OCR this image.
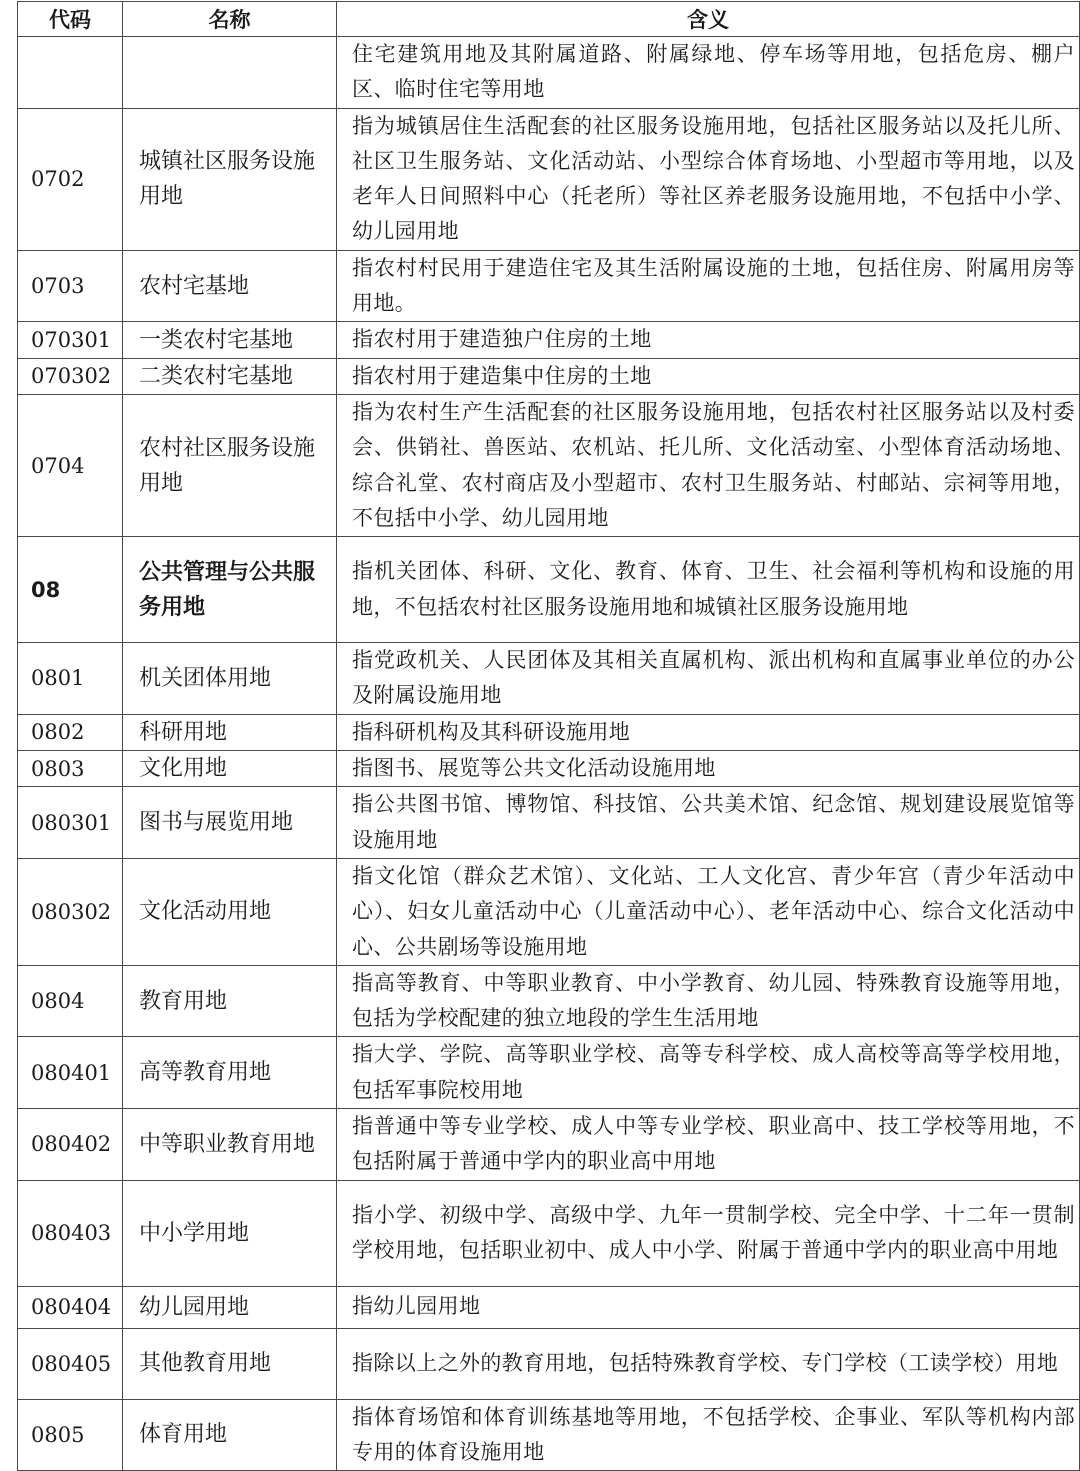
代码	名称	含义
		住宅建筑用地及其附属道路、附属绿地、停车场等用地，包括危房、棚户区、临时住宅等用地
0702	城镇社区服务设施用地	指为城镇居住生活配套的社区服务设施用地，包括社区服务站以及托儿所、社区卫生服务站、文化活动站、小型综合体育场地、小型超市等用地，以及老年人日间照料中心（托老所）等社区养老服务设施用地，不包括中小学、幼儿园用地
0703	农村宅基地	指农村村民用于建造住宅及其生活附属设施的土地，包括住房、附属用房等用地。
070301	一类农村宅基地	指农村用于建造独户住房的土地
070302	二类农村宅基地	指农村用于建造集中住房的土地
0704	农村社区服务设施用地	指为农村生产生活配套的社区服务设施用地，包括农村社区服务站以及村委会、供销社、兽医站、农机站、托儿所、文化活动室、小型体育活动场地、综合礼堂、农村商店及小型超市、农村卫生服务站、村邮站、宗祠等用地，不包括中小学、幼儿园用地
08	公共管理与公共服务用地	指机关团体、科研、文化、教育、体育、卫生、社会福利等机构和设施的用地，不包括农村社区服务设施用地和城镇社区服务设施用地
0801	机关团体用地	指党政机关、人民团体及其相关直属机构、派出机构和直属事业单位的办公及附属设施用地
0802	科研用地	指科研机构及其科研设施用地
0803	文化用地	指图书、展览等公共文化活动设施用地
080301	图书与展览用地	指公共图书馆、博物馆、科技馆、公共美术馆、纪念馆、规划建设展览馆等设施用地
080302	文化活动用地	指文化馆（群众艺术馆）、文化站、工人文化宫、青少年宫（青少年活动中心）、妇女儿童活动中心（儿童活动中心）、老年活动中心、综合文化活动中心、公共剧场等设施用地
0804	教育用地	指高等教育、中等职业教育、中小学教育、幼儿园、特殊教育设施等用地，包括为学校配建的独立地段的学生生活用地
080401	高等教育用地	指大学、学院、高等职业学校、高等专科学校、成人高校等高等学校用地，包括军事院校用地
080402	中等职业教育用地	指普通中等专业学校、成人中等专业学校、职业高中、技工学校等用地，不包括附属于普通中学内的职业高中用地
080403	中小学用地	指小学、初级中学、高级中学、九年一贯制学校、完全中学、十二年一贯制学校用地，包括职业初中、成人中小学、附属于普通中学内的职业高中用地
080404	幼儿园用地	指幼儿园用地
080405	其他教育用地	指除以上之外的教育用地，包括特殊教育学校、专门学校（工读学校）用地
0805	体育用地	指体育场馆和体育训练基地等用地，不包括学校、企事业、军队等机构内部专用的体育设施用地
